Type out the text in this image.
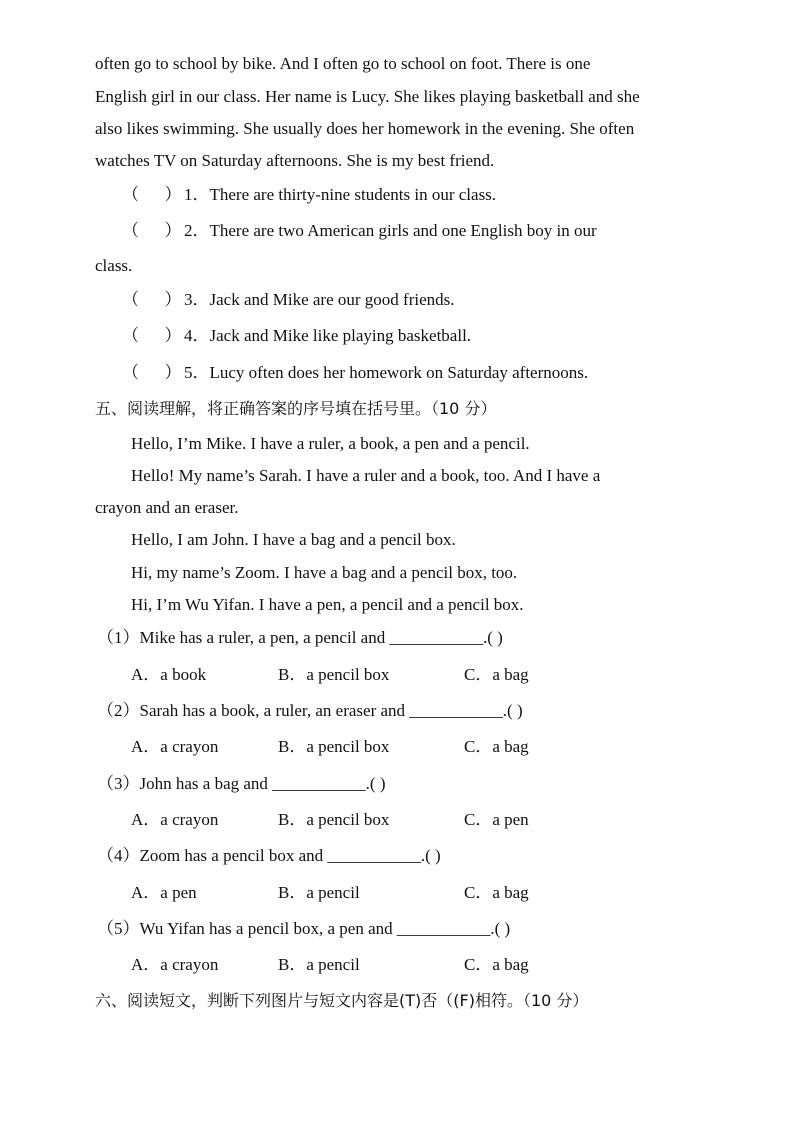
often go to school by bike. And I often go to school on foot. There is one
English girl in our class. Her name is Lucy. She likes playing basketball and she
also likes swimming. She usually does her homework in the evening. She often
watches TV on Saturday afternoons. She is my best friend.
（ ） 1．There are thirty-nine students in our class.
（ ） 2．There are two American girls and one English boy in our
class.
（ ） 3．Jack and Mike are our good friends.
（ ） 4．Jack and Mike like playing basketball.
（ ） 5．Lucy often does her homework on Saturday afternoons.
五、阅读理解，将正确答案的序号填在括号里。（10 分）
Hello, I’m Mike. I have a ruler, a book, a pen and a pencil.
Hello! My name’s Sarah. I have a ruler and a book, too. And I have a
crayon and an eraser.
Hello, I am John. I have a bag and a pencil box.
Hi, my name’s Zoom. I have a bag and a pencil box, too.
Hi, I’m Wu Yifan. I have a pen, a pencil and a pencil box.
（1）Mike has a ruler, a pen, a pencil and ___________.( )
A．a book	B．a pencil box	C．a bag
（2）Sarah has a book, a ruler, an eraser and ___________.( )
A．a crayon	B．a pencil box	C．a bag
（3）John has a bag and ___________.( )
A．a crayon	B．a pencil box	C．a pen
（4）Zoom has a pencil box and ___________.( )
A．a pen	B．a pencil	C．a bag
（5）Wu Yifan has a pencil box, a pen and ___________.( )
A．a crayon	B．a pencil	C．a bag
六、阅读短文，判断下列图片与短文内容是(T)否（(F)相符。（10 分）
